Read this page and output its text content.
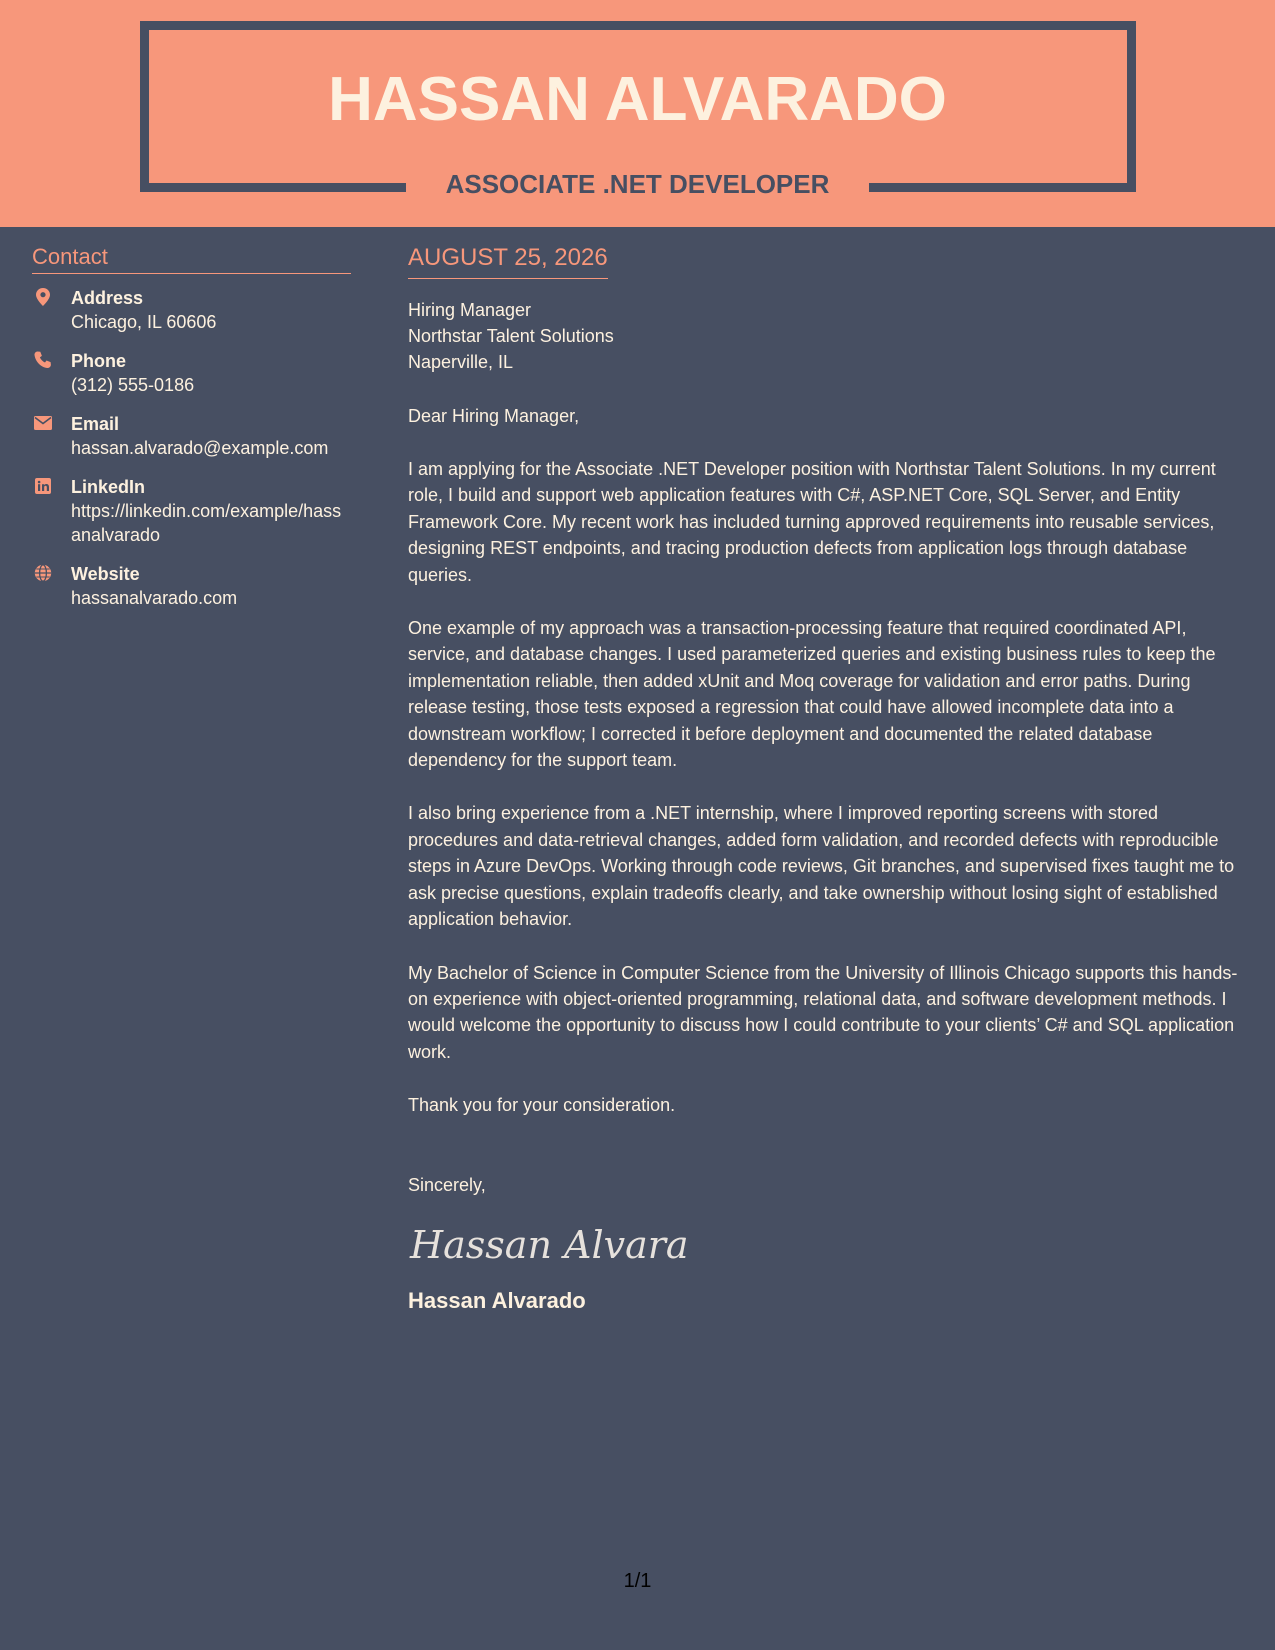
HASSAN ALVARADO
ASSOCIATE .NET DEVELOPER
Contact
Address
Chicago, IL 60606
Phone
(312) 555-0186
Email
hassan.alvarado@example.com
LinkedIn
https://linkedin.com/example/hassanalvarado
Website
hassanalvarado.com
AUGUST 25, 2026
Hiring Manager
Northstar Talent Solutions
Naperville, IL
Dear Hiring Manager,

I am applying for the Associate .NET Developer position with Northstar Talent Solutions. In my current role, I build and support web application features with C#, ASP.NET Core, SQL Server, and Entity Framework Core. My recent work has included turning approved requirements into reusable services, designing REST endpoints, and tracing production defects from application logs through database queries.

One example of my approach was a transaction-processing feature that required coordinated API, service, and database changes. I used parameterized queries and existing business rules to keep the implementation reliable, then added xUnit and Moq coverage for validation and error paths. During release testing, those tests exposed a regression that could have allowed incomplete data into a downstream workflow; I corrected it before deployment and documented the related database dependency for the support team.

I also bring experience from a .NET internship, where I improved reporting screens with stored procedures and data-retrieval changes, added form validation, and recorded defects with reproducible steps in Azure DevOps. Working through code reviews, Git branches, and supervised fixes taught me to ask precise questions, explain tradeoffs clearly, and take ownership without losing sight of established application behavior.

My Bachelor of Science in Computer Science from the University of Illinois Chicago supports this hands-on experience with object-oriented programming, relational data, and software development methods. I would welcome the opportunity to discuss how I could contribute to your clients’ C# and SQL application work.

Thank you for your consideration.
Sincerely,
Hassan Alvarad
Hassan Alvarado
1/1
